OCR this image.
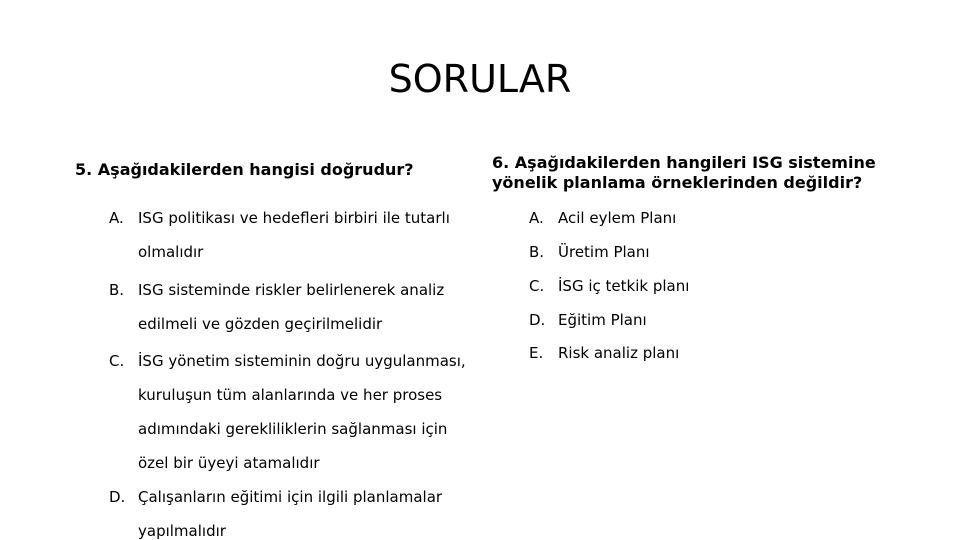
SORULAR
5. Aşağıdakilerden hangisi doğrudur?
A. ISG politikası ve hedefleri birbiri ile tutarlı olmalıdır
B. ISG sisteminde riskler belirlenerek analiz edilmeli ve gözden geçirilmelidir
C. İSG yönetim sisteminin doğru uygulanması, kuruluşun tüm alanlarında ve her proses adımındaki gerekliliklerin sağlanması için özel bir üyeyi atamalıdır
D. Çalışanların eğitimi için ilgili planlamalar yapılmalıdır
6. Aşağıdakilerden hangileri ISG sistemine yönelik planlama örneklerinden değildir?
A. Acil eylem Planı
B. Üretim Planı
C. İSG iç tetkik planı
D. Eğitim Planı
E. Risk analiz planı
